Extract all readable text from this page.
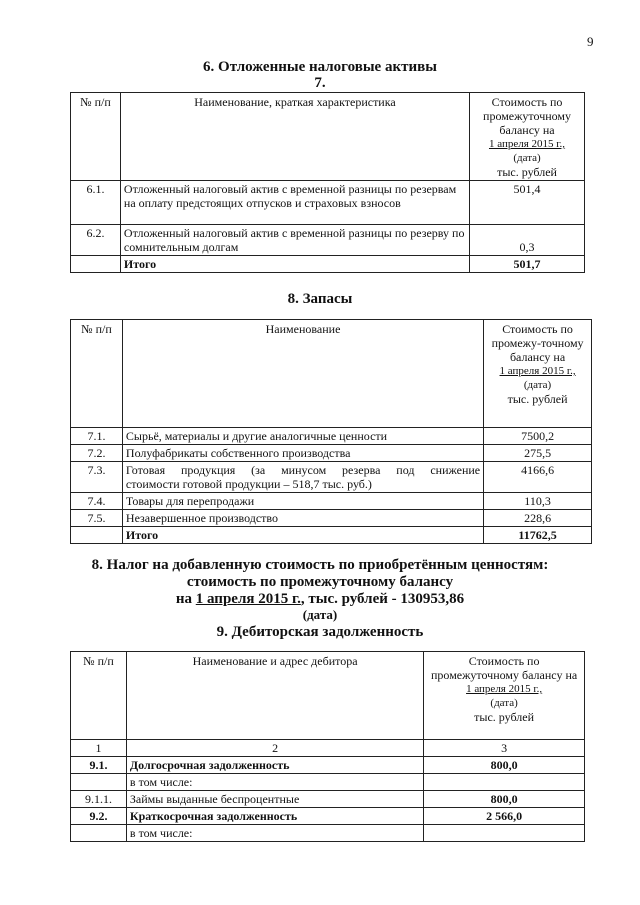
9
6. Отложенные налоговые активы
7.
№ п/п	Наименование, краткая характеристика	Стоимость по промежуточному балансу на
1 апреля 2015 г.,
(дата)
тыс. рублей

6.1.	Отложенный налоговый актив с временной разницы по резервам на оплату предстоящих отпусков и страховых взносов	501,4
6.2.	Отложенный налоговый актив с временной разницы по резерву по сомнительным долгам	0,3
	Итого	501,7
8. Запасы
№ п/п	Наименование	Стоимость по промежу-точному балансу на
1 апреля 2015 г.,
(дата)
тыс. рублей

7.1.	Сырьё, материалы и другие аналогичные ценности	7500,2
7.2.	Полуфабрикаты собственного производства	275,5
7.3.	Готовая продукция (за минусом резерва под снижение
стоимости готовой продукции – 518,7 тыс. руб.)	4166,6
7.4.	Товары для перепродажи	110,3
7.5.	Незавершенное производство	228,6
	Итого	11762,5
8. Налог на добавленную стоимость по приобретённым ценностям:
стоимость по промежуточному балансу
на 1 апреля 2015 г., тыс. рублей - 130953,86
(дата)
9. Дебиторская задолженность
№ п/п	Наименование и адрес дебитора	Стоимость по промежуточному балансу на
1 апреля 2015 г.,
(дата)
тыс. рублей

1	2	3
9.1.	Долгосрочная задолженность	800,0
	в том числе:	
9.1.1.	Займы выданные беспроцентные	800,0
9.2.	Краткосрочная задолженность	2 566,0
	в том числе:	
